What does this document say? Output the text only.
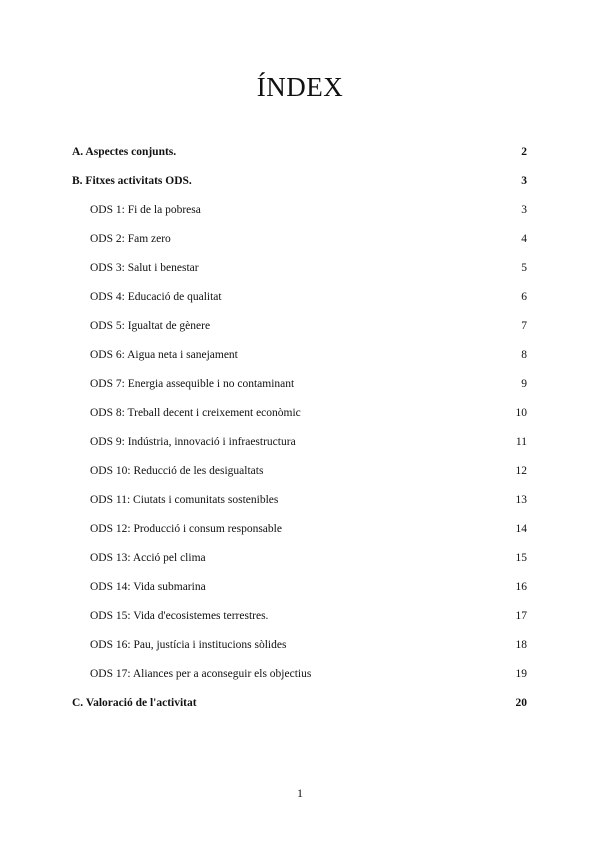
ÍNDEX
A. Aspectes conjunts.	2
B. Fitxes activitats ODS.	3
ODS 1: Fi de la pobresa	3
ODS 2: Fam zero	4
ODS 3: Salut i benestar	5
ODS 4: Educació de qualitat	6
ODS 5: Igualtat de gènere	7
ODS 6: Aigua neta i sanejament	8
ODS 7: Energia assequible i no contaminant	9
ODS 8: Treball decent i creixement econòmic	10
ODS 9: Indústria, innovació i infraestructura	11
ODS 10: Reducció de les desigualtats	12
ODS 11: Ciutats i comunitats sostenibles	13
ODS 12: Producció i consum responsable	14
ODS 13: Acció pel clima	15
ODS 14: Vida submarina	16
ODS 15: Vida d'ecosistemes terrestres.	17
ODS 16: Pau, justícia i institucions sòlides	18
ODS 17: Aliances per a aconseguir els objectius	19
C. Valoració de l'activitat	20
1
